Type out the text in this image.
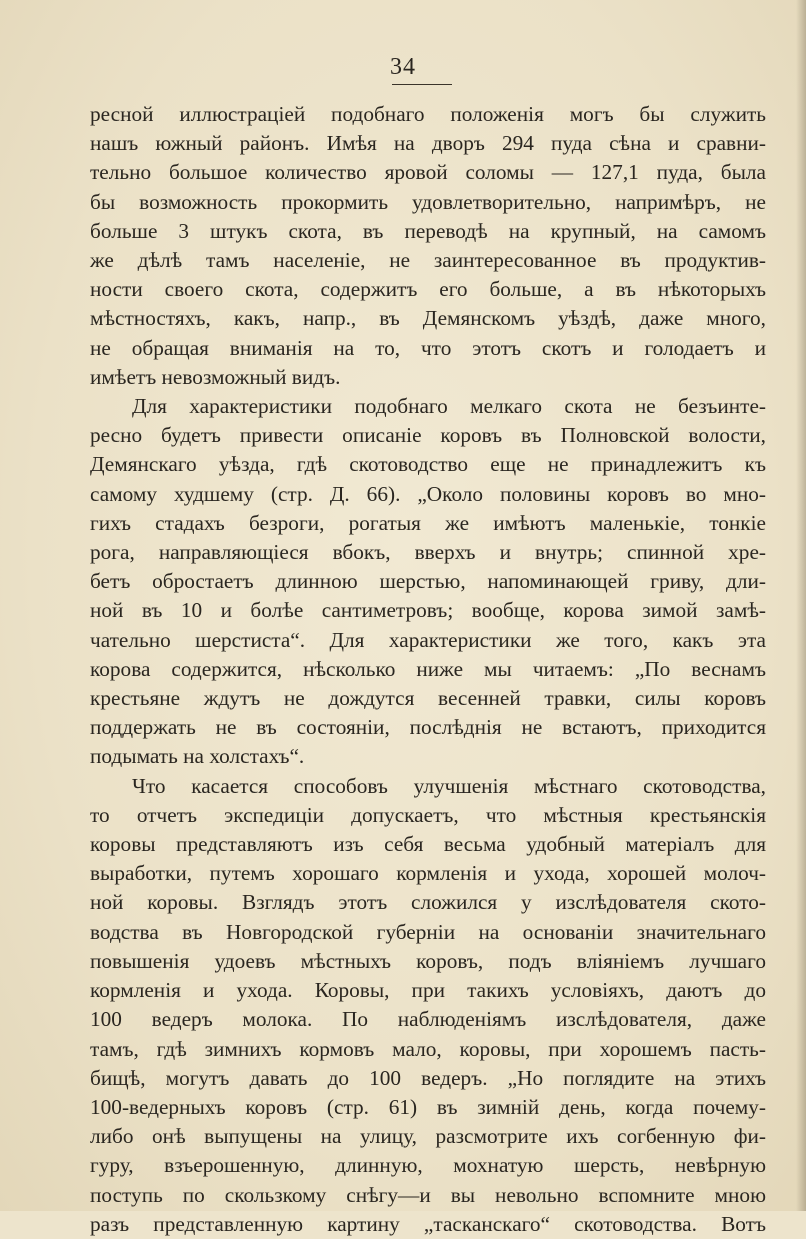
34
ресной иллюстраціей подобнаго положенія могъ бы служить
нашъ южный районъ. Имѣя на дворъ 294 пуда сѣна и сравни-
тельно большое количество яровой соломы — 127,1 пуда, была
бы возможность прокормить удовлетворительно, напримѣръ, не
больше 3 штукъ скота, въ переводѣ на крупный, на самомъ
же дѣлѣ тамъ населеніе, не заинтересованное въ продуктив-
ности своего скота, содержитъ его больше, а въ нѣкоторыхъ
мѣстностяхъ, какъ, напр., въ Демянскомъ уѣздѣ, даже много,
не обращая вниманія на то, что этотъ скотъ и голодаетъ и
имѣетъ невозможный видъ.
Для характеристики подобнаго мелкаго скота не безъинте-
ресно будетъ привести описаніе коровъ въ Полновской волости,
Демянскаго уѣзда, гдѣ скотоводство еще не принадлежитъ къ
самому худшему (стр. Д. 66). „Около половины коровъ во мно-
гихъ стадахъ безроги, рогатыя же имѣютъ маленькіе, тонкіе
рога, направляющіеся вбокъ, вверхъ и внутрь; спинной хре-
бетъ обростаетъ длинною шерстью, напоминающей гриву, дли-
ной въ 10 и болѣе сантиметровъ; вообще, корова зимой замѣ-
чательно шерстиста“. Для характеристики же того, какъ эта
корова содержится, нѣсколько ниже мы читаемъ: „По веснамъ
крестьяне ждутъ не дождутся весенней травки, силы коровъ
поддержать не въ состояніи, послѣднія не встаютъ, приходится
подымать на холстахъ“.
Что касается способовъ улучшенія мѣстнаго скотоводства,
то отчетъ экспедиціи допускаетъ, что мѣстныя крестьянскія
коровы представляютъ изъ себя весьма удобный матеріалъ для
выработки, путемъ хорошаго кормленія и ухода, хорошей молоч-
ной коровы. Взглядъ этотъ сложился у изслѣдователя ското-
водства въ Новгородской губерніи на основаніи значительнаго
повышенія удоевъ мѣстныхъ коровъ, подъ вліяніемъ лучшаго
кормленія и ухода. Коровы, при такихъ условіяхъ, даютъ до
100 ведеръ молока. По наблюденіямъ изслѣдователя, даже
тамъ, гдѣ зимнихъ кормовъ мало, коровы, при хорошемъ пасть-
бищѣ, могутъ давать до 100 ведеръ. „Но поглядите на этихъ
100-ведерныхъ коровъ (стр. 61) въ зимній день, когда почему-
либо онѣ выпущены на улицу, разсмотрите ихъ согбенную фи-
гуру, взъерошенную, длинную, мохнатую шерсть, невѣрную
поступь по скользкому снѣгу—и вы невольно вспомните мною
разъ представленную картину „тасканскаго“ скотоводства. Вотъ
